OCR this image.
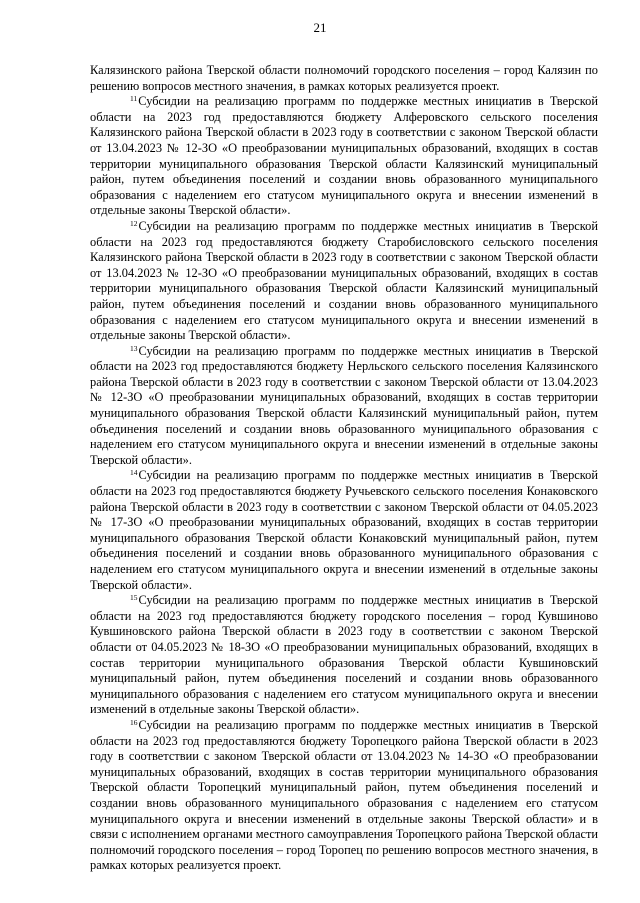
21

Калязинского района Тверской области полномочий городского поселения – город Калязин по решению вопросов местного значения, в рамках которых реализуется проект.

$^{11}$Субсидии на реализацию программ по поддержке местных инициатив в Тверской области на 2023 год предоставляются бюджету Алферовского сельского поселения Калязинского района Тверской области в 2023 году в соответствии с законом Тверской области от 13.04.2023 № 12-ЗО «О преобразовании муниципальных образований, входящих в состав территории муниципального образования Тверской области Калязинский муниципальный район, путем объединения поселений и создании вновь образованного муниципального образования с наделением его статусом муниципального округа и внесении изменений в отдельные законы Тверской области».

$^{12}$Субсидии на реализацию программ по поддержке местных инициатив в Тверской области на 2023 год предоставляются бюджету Старобисловского сельского поселения Калязинского района Тверской области в 2023 году в соответствии с законом Тверской области от 13.04.2023 № 12-ЗО «О преобразовании муниципальных образований, входящих в состав территории муниципального образования Тверской области Калязинский муниципальный район, путем объединения поселений и создании вновь образованного муниципального образования с наделением его статусом муниципального округа и внесении изменений в отдельные законы Тверской области».

$^{13}$Субсидии на реализацию программ по поддержке местных инициатив в Тверской области на 2023 год предоставляются бюджету Нерльского сельского поселения Калязинского района Тверской области в 2023 году в соответствии с законом Тверской области от 13.04.2023 № 12-ЗО «О преобразовании муниципальных образований, входящих в состав территории муниципального образования Тверской области Калязинский муниципальный район, путем объединения поселений и создании вновь образованного муниципального образования с наделением его статусом муниципального округа и внесении изменений в отдельные законы Тверской области».

$^{14}$Субсидии на реализацию программ по поддержке местных инициатив в Тверской области на 2023 год предоставляются бюджету Ручьевского сельского поселения Конаковского района Тверской области в 2023 году в соответствии с законом Тверской области от 04.05.2023 № 17-ЗО «О преобразовании муниципальных образований, входящих в состав территории муниципального образования Тверской области Конаковский муниципальный район, путем объединения поселений и создании вновь образованного муниципального образования с наделением его статусом муниципального округа и внесении изменений в отдельные законы Тверской области».

$^{15}$Субсидии на реализацию программ по поддержке местных инициатив в Тверской области на 2023 год предоставляются бюджету городского поселения – город Кувшиново Кувшиновского района Тверской области в 2023 году в соответствии с законом Тверской области от 04.05.2023 № 18-ЗО «О преобразовании муниципальных образований, входящих в состав территории муниципального образования Тверской области Кувшиновский муниципальный район, путем объединения поселений и создании вновь образованного муниципального образования с наделением его статусом муниципального округа и внесении изменений в отдельные законы Тверской области».

$^{16}$Субсидии на реализацию программ по поддержке местных инициатив в Тверской области на 2023 год предоставляются бюджету Торопецкого района Тверской области в 2023 году в соответствии с законом Тверской области от 13.04.2023 № 14-ЗО «О преобразовании муниципальных образований, входящих в состав территории муниципального образования Тверской области Торопецкий муниципальный район, путем объединения поселений и создании вновь образованного муниципального образования с наделением его статусом муниципального округа и внесении изменений в отдельные законы Тверской области» и в связи с исполнением органами местного самоуправления Торопецкого района Тверской области полномочий городского поселения – город Торопец по решению вопросов местного значения, в рамках которых реализуется проект.
